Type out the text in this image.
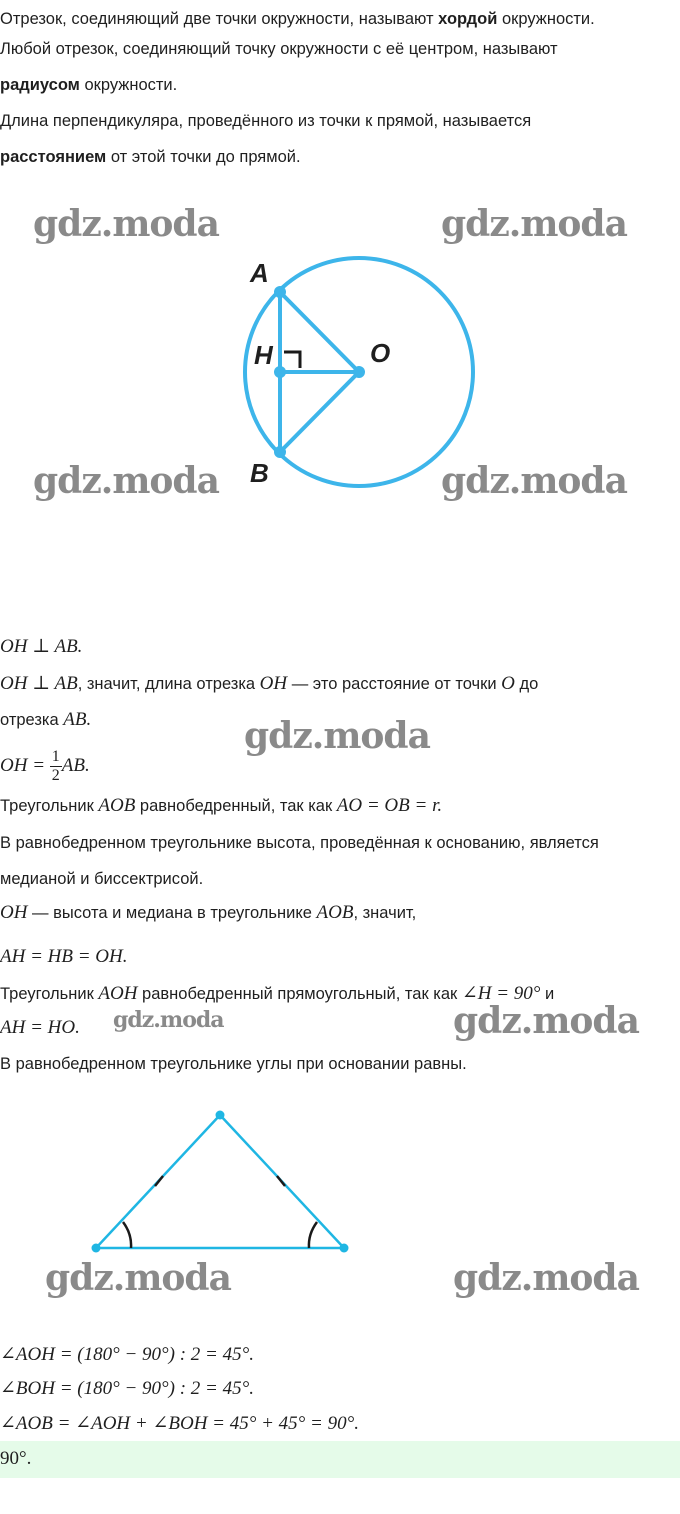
Отрезок, соединяющий две точки окружности, называют хордой окружности.
Любой отрезок, соединяющий точку окружности с её центром, называют
радиусом окружности.
Длина перпендикуляра, проведённого из точки к прямой, называется
расстоянием от этой точки до прямой.
A
H	O
B
gdz.moda	gdz.moda
gdz.moda	gdz.moda
gdz.moda
gdz.moda	gdz.moda
gdz.moda	gdz.moda
OH ⊥ AB.
OH ⊥ AB, значит, длина отрезка OH — это расстояние от точки O до
отрезка AB.
OH = $\frac{1}{2}$ AB.
Треугольник AOB равнобедренный, так как AO = OB = r.
В равнобедренном треугольнике высота, проведённая к основанию, является
медианой и биссектрисой.
OH — высота и медиана в треугольнике AOB, значит,
AH = HB = OH.
Треугольник AOH равнобедренный прямоугольный, так как ∠H = 90° и
AH = HO.
В равнобедренном треугольнике углы при основании равны.
∠AOH = (180° − 90°) : 2 = 45°.
∠BOH = (180° − 90°) : 2 = 45°.
∠AOB = ∠AOH + ∠BOH = 45° + 45° = 90°.
90°.
